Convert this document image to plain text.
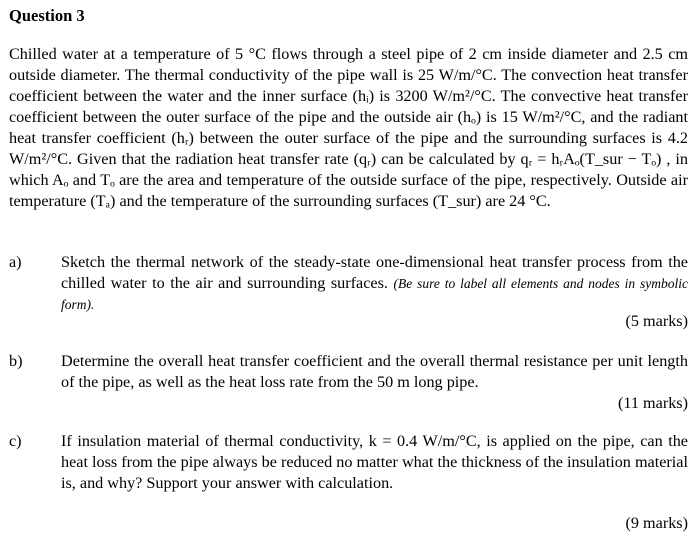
Question 3
Chilled water at a temperature of 5 °C flows through a steel pipe of 2 cm inside diameter and 2.5 cm outside diameter. The thermal conductivity of the pipe wall is 25 W/m/°C. The convection heat transfer coefficient between the water and the inner surface (hᵢ) is 3200 W/m²/°C. The convective heat transfer coefficient between the outer surface of the pipe and the outside air (hₒ) is 15 W/m²/°C, and the radiant heat transfer coefficient (hᵣ) between the outer surface of the pipe and the surrounding surfaces is 4.2 W/m²/°C. Given that the radiation heat transfer rate (qᵣ) can be calculated by qᵣ = hᵣAₒ(T_sur − Tₒ) , in which Aₒ and Tₒ are the area and temperature of the outside surface of the pipe, respectively. Outside air temperature (Tₐ) and the temperature of the surrounding surfaces (T_sur) are 24 °C.
a) Sketch the thermal network of the steady-state one-dimensional heat transfer process from the chilled water to the air and surrounding surfaces. (Be sure to label all elements and nodes in symbolic form).
(5 marks)
b) Determine the overall heat transfer coefficient and the overall thermal resistance per unit length of the pipe, as well as the heat loss rate from the 50 m long pipe.
(11 marks)
c) If insulation material of thermal conductivity, k = 0.4 W/m/°C, is applied on the pipe, can the heat loss from the pipe always be reduced no matter what the thickness of the insulation material is, and why? Support your answer with calculation.
(9 marks)
